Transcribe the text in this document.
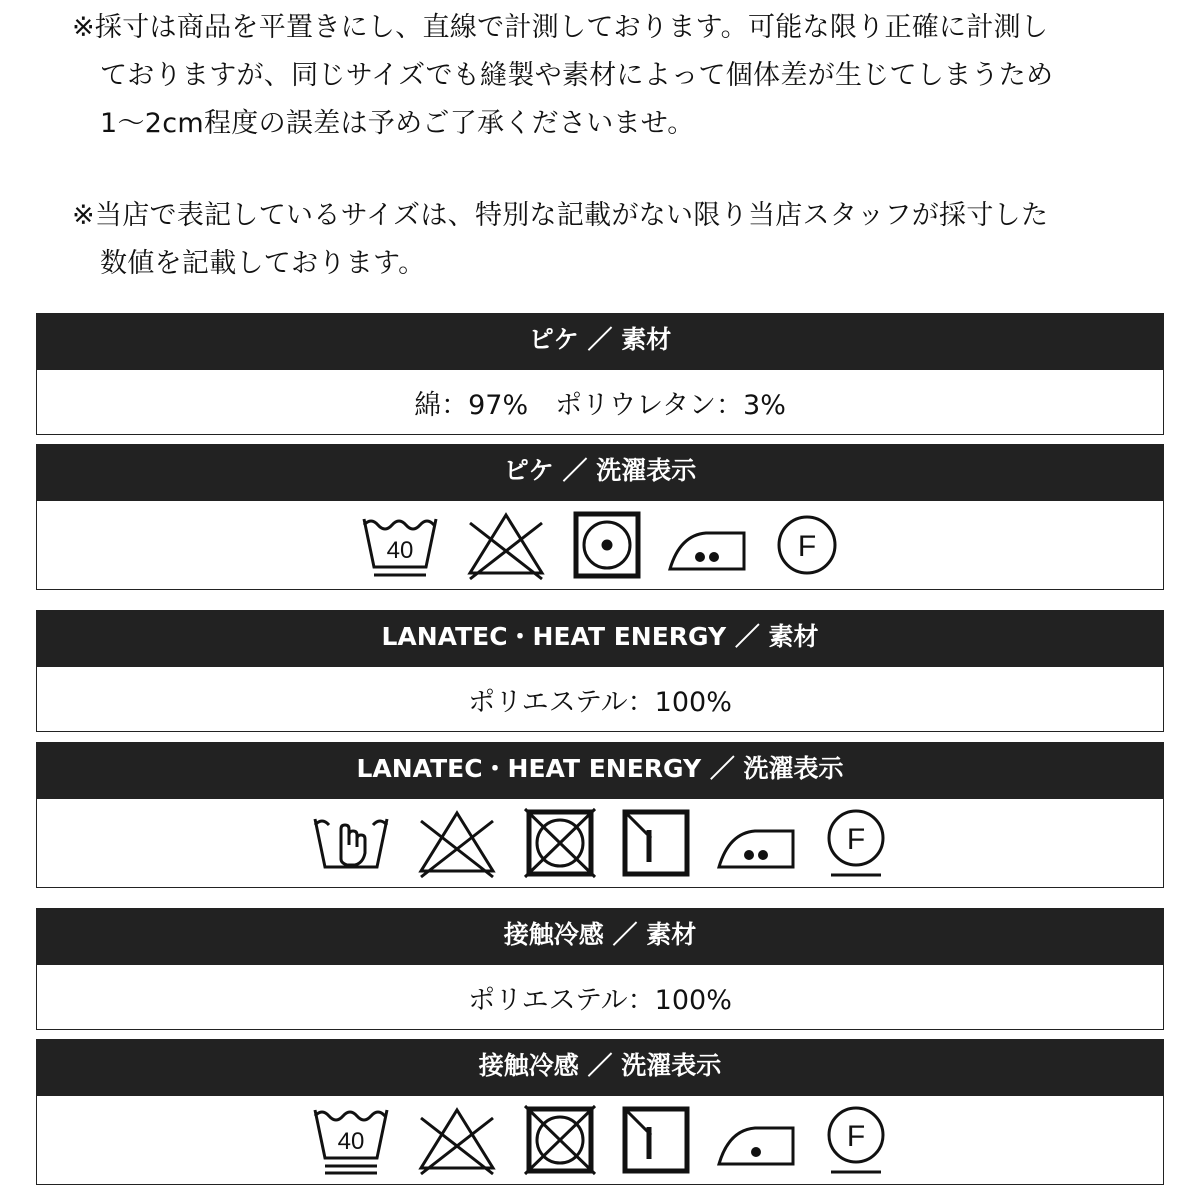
※採寸は商品を平置きにし、直線で計測しております。可能な限り正確に計測し
ておりますが、同じサイズでも縫製や素材によって個体差が生じてしまうため
1～2cm程度の誤差は予めご了承くださいませ。
※当店で表記しているサイズは、特別な記載がない限り当店スタッフが採寸した
数値を記載しております。
ピケ ／ 素材
綿：97%　ポリウレタン：3%
ピケ ／ 洗濯表示
40	F
LANATEC・HEAT ENERGY ／ 素材
ポリエステル：100%
LANATEC・HEAT ENERGY ／ 洗濯表示
F
接触冷感 ／ 素材
ポリエステル：100%
接触冷感 ／ 洗濯表示
40	F
